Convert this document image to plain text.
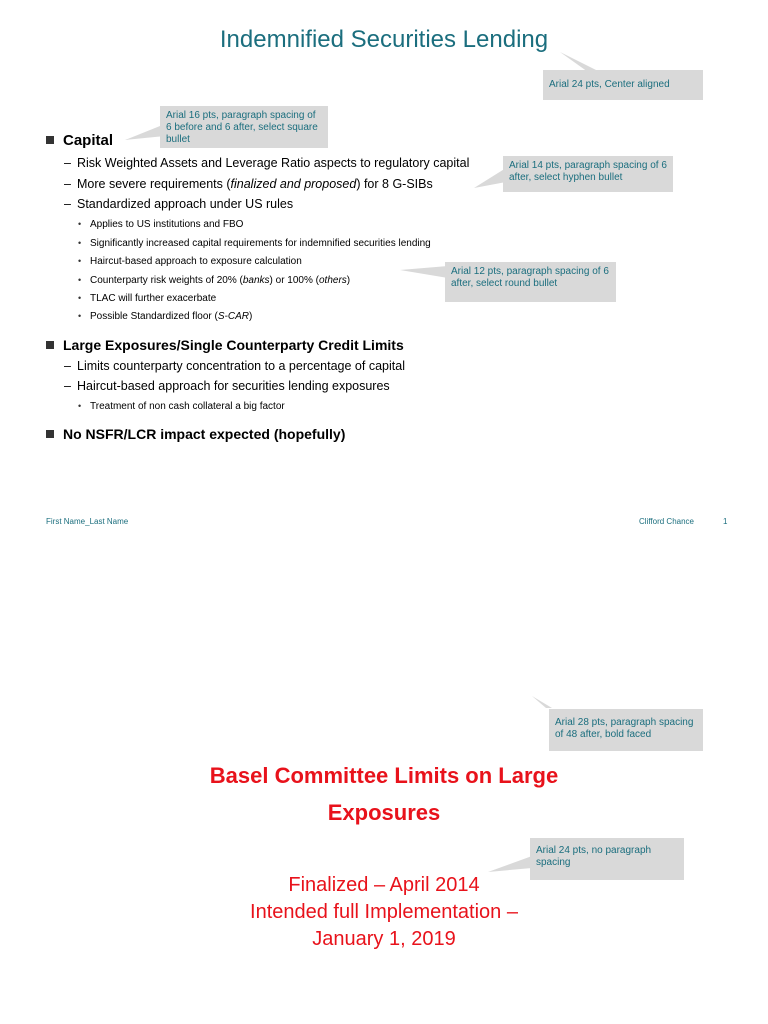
Indemnified Securities Lending
Arial 24 pts, Center aligned
Arial 16 pts, paragraph spacing of 6 before and 6 after, select square bullet
Arial 14 pts, paragraph spacing of 6 after, select hyphen bullet
Arial 12 pts, paragraph spacing of 6 after, select round bullet
Capital
– Risk Weighted Assets and Leverage Ratio aspects to regulatory capital
– More severe requirements (finalized and proposed) for 8 G-SIBs
– Standardized approach under US rules
• Applies to US institutions and FBO
• Significantly increased capital requirements for indemnified securities lending
• Haircut-based approach to exposure calculation
• Counterparty risk weights of 20% (banks) or 100% (others)
• TLAC will further exacerbate
• Possible Standardized floor (S-CAR)
Large Exposures/Single Counterparty Credit Limits
– Limits counterparty concentration to a percentage of capital
– Haircut-based approach for securities lending exposures
• Treatment of non cash collateral a big factor
No NSFR/LCR impact expected (hopefully)
First Name_Last Name	Clifford Chance	1
Arial 28 pts, paragraph spacing of 48 after, bold faced
Basel Committee Limits on Large
Exposures
Arial 24 pts, no paragraph spacing
Finalized – April 2014
Intended full Implementation –
January 1, 2019
